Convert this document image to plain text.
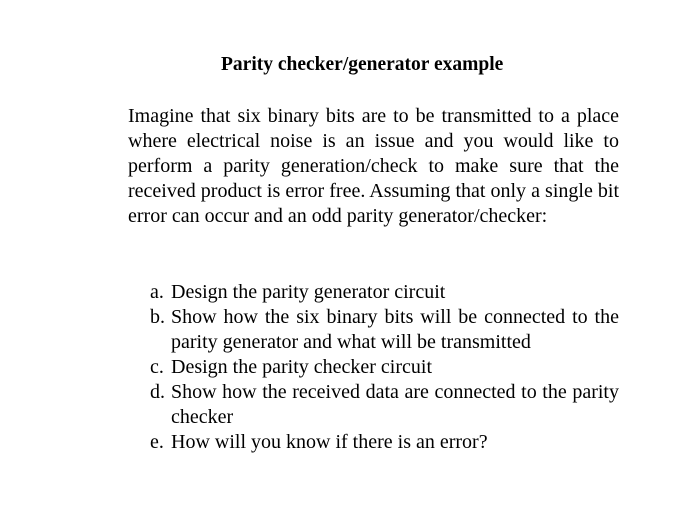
Parity checker/generator example

Imagine that six binary bits are to be transmitted to a place where electrical noise is an issue and you would like to perform a parity generation/check to make sure that the received product is error free. Assuming that only a single bit error can occur and an odd parity generator/checker:

a. Design the parity generator circuit
b. Show how the six binary bits will be connected to the parity generator and what will be transmitted
c. Design the parity checker circuit
d. Show how the received data are connected to the parity checker
e. How will you know if there is an error?
